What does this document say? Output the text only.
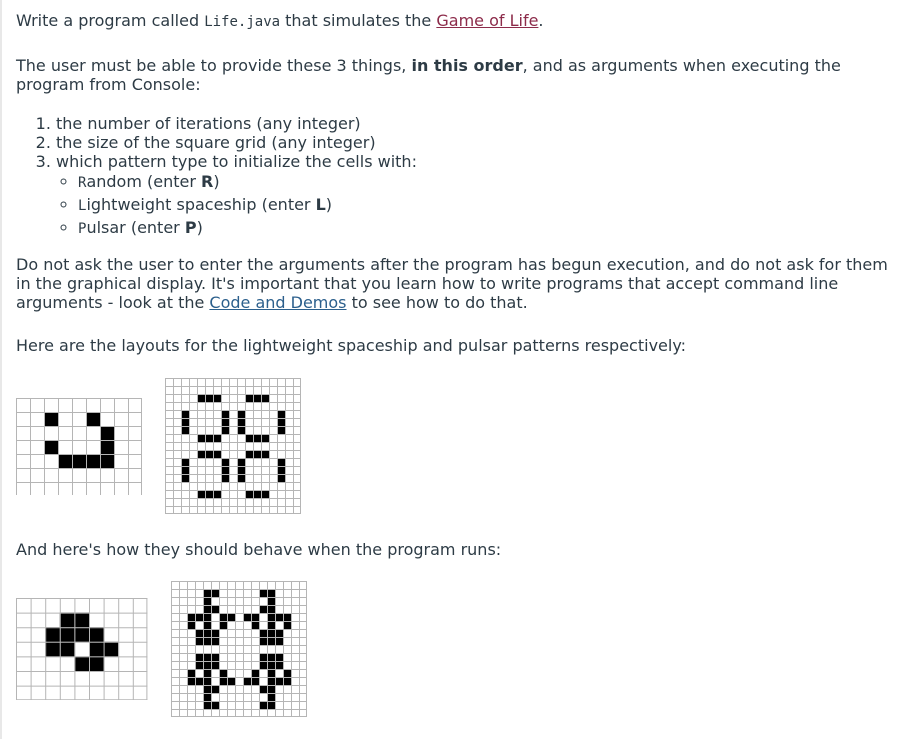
Write a program called Life.java that simulates the Game of Life.

The user must be able to provide these 3 things, in this order, and as arguments when executing the program from Console:

1. the number of iterations (any integer)
2. the size of the square grid (any integer)
3. which pattern type to initialize the cells with:
◦ Random (enter R)
◦ Lightweight spaceship (enter L)
◦ Pulsar (enter P)

Do not ask the user to enter the arguments after the program has begun execution, and do not ask for them in the graphical display. It's important that you learn how to write programs that accept command line arguments - look at the Code and Demos to see how to do that.

Here are the layouts for the lightweight spaceship and pulsar patterns respectively:

And here's how they should behave when the program runs:
